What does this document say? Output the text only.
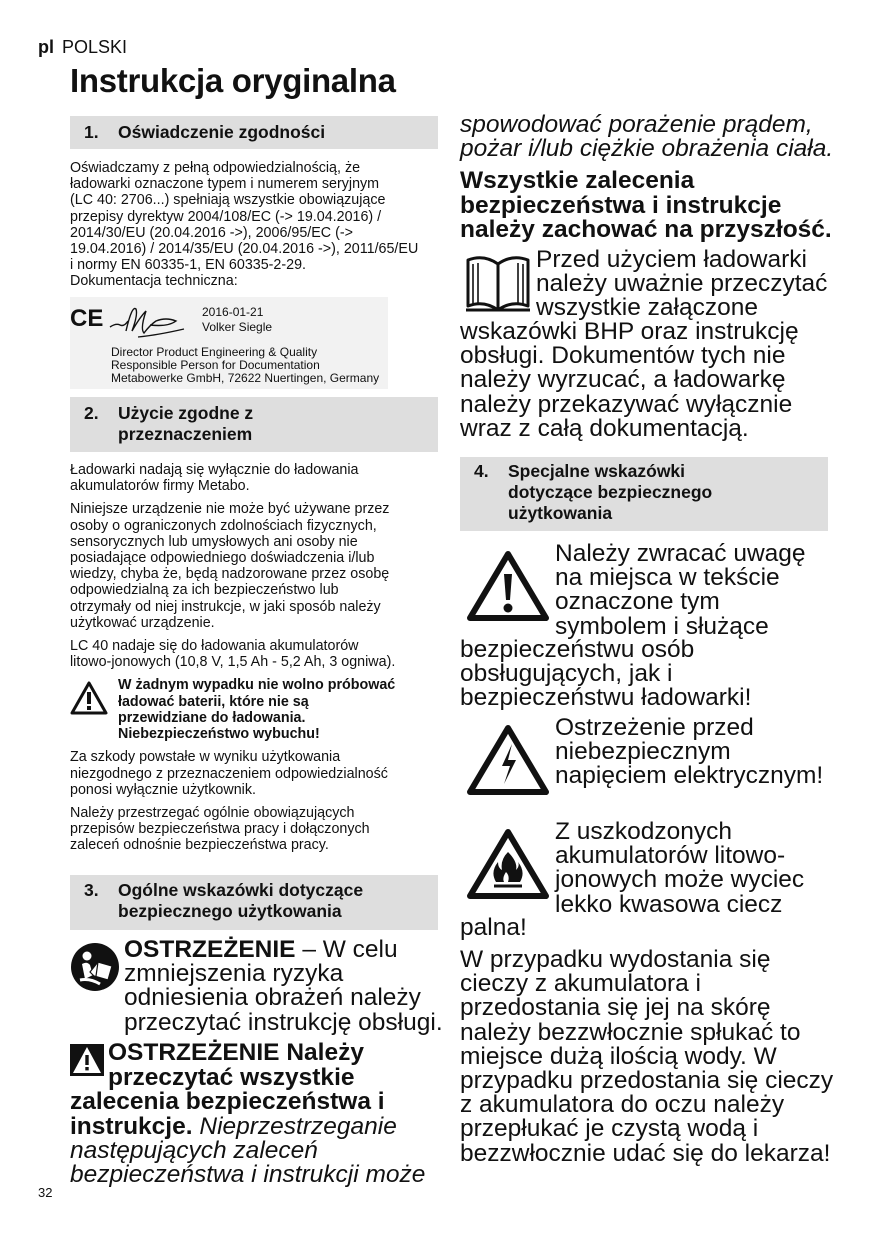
pl POLSKI
Instrukcja oryginalna
1. Oświadczenie zgodności
Oświadczamy z pełną odpowiedzialnością, że
ładowarki oznaczone typem i numerem seryjnym
(LC 40: 2706...) spełniają wszystkie obowiązujące
przepisy dyrektyw 2004/108/EC (-> 19.04.2016) /
2014/30/EU (20.04.2016 ->), 2006/95/EC (->
19.04.2016) / 2014/35/EU (20.04.2016 ->), 2011/65/EU
i normy EN 60335-1, EN 60335-2-29.
Dokumentacja techniczna:
CE	2016-01-21
Volker Siegle
Director Product Engineering & Quality
Responsible Person for Documentation
Metabowerke GmbH, 72622 Nuertingen, Germany
2. Użycie zgodne z
przeznaczeniem

Ładowarki nadają się wyłącznie do ładowania
akumulatorów firmy Metabo.

Niniejsze urządzenie nie może być używane przez
osoby o ograniczonych zdolnościach fizycznych,
sensorycznych lub umysłowych ani osoby nie
posiadające odpowiedniego doświadczenia i/lub
wiedzy, chyba że, będą nadzorowane przez osobę
odpowiedzialną za ich bezpieczeństwo lub
otrzymały od niej instrukcje, w jaki sposób należy
użytkować urządzenie.

LC 40 nadaje się do ładowania akumulatorów
litowo-jonowych (10,8 V, 1,5 Ah - 5,2 Ah, 3 ogniwa).

W żadnym wypadku nie wolno próbować
ładować baterii, które nie są
przewidziane do ładowania.
Niebezpieczeństwo wybuchu!

Za szkody powstałe w wyniku użytkowania
niezgodnego z przeznaczeniem odpowiedzialność
ponosi wyłącznie użytkownik.

Należy przestrzegać ogólnie obowiązujących
przepisów bezpieczeństwa pracy i dołączonych
zaleceń odnośnie bezpieczeństwa pracy.

3. Ogólne wskazówki dotyczące
bezpiecznego użytkowania
OSTRZEŻENIE – W celu
zmniejszenia ryzyka
odniesienia obrażeń należy
przeczytać instrukcję obsługi.
OSTRZEŻENIE Należy
przeczytać wszystkie
zalecenia bezpieczeństwa i
instrukcje. Nieprzestrzeganie
następujących zaleceń
bezpieczeństwa i instrukcji może
spowodować porażenie prądem,
pożar i/lub ciężkie obrażenia ciała.
Wszystkie zalecenia
bezpieczeństwa i instrukcje
należy zachować na przyszłość.
Przed użyciem ładowarki
należy uważnie przeczytać
wszystkie załączone
wskazówki BHP oraz instrukcję
obsługi. Dokumentów tych nie
należy wyrzucać, a ładowarkę
należy przekazywać wyłącznie
wraz z całą dokumentacją.
4. Specjalne wskazówki
dotyczące bezpiecznego
użytkowania
Należy zwracać uwagę
na miejsca w tekście
oznaczone tym
symbolem i służące
bezpieczeństwu osób
obsługujących, jak i
bezpieczeństwu ładowarki!
Ostrzeżenie przed
niebezpiecznym
napięciem elektrycznym!
Z uszkodzonych
akumulatorów litowo-
jonowych może wyciec
lekko kwasowa ciecz
palna!
W przypadku wydostania się
cieczy z akumulatora i
przedostania się jej na skórę
należy bezzwłocznie spłukać to
miejsce dużą ilością wody. W
przypadku przedostania się cieczy
z akumulatora do oczu należy
przepłukać je czystą wodą i
bezzwłocznie udać się do lekarza!
32
